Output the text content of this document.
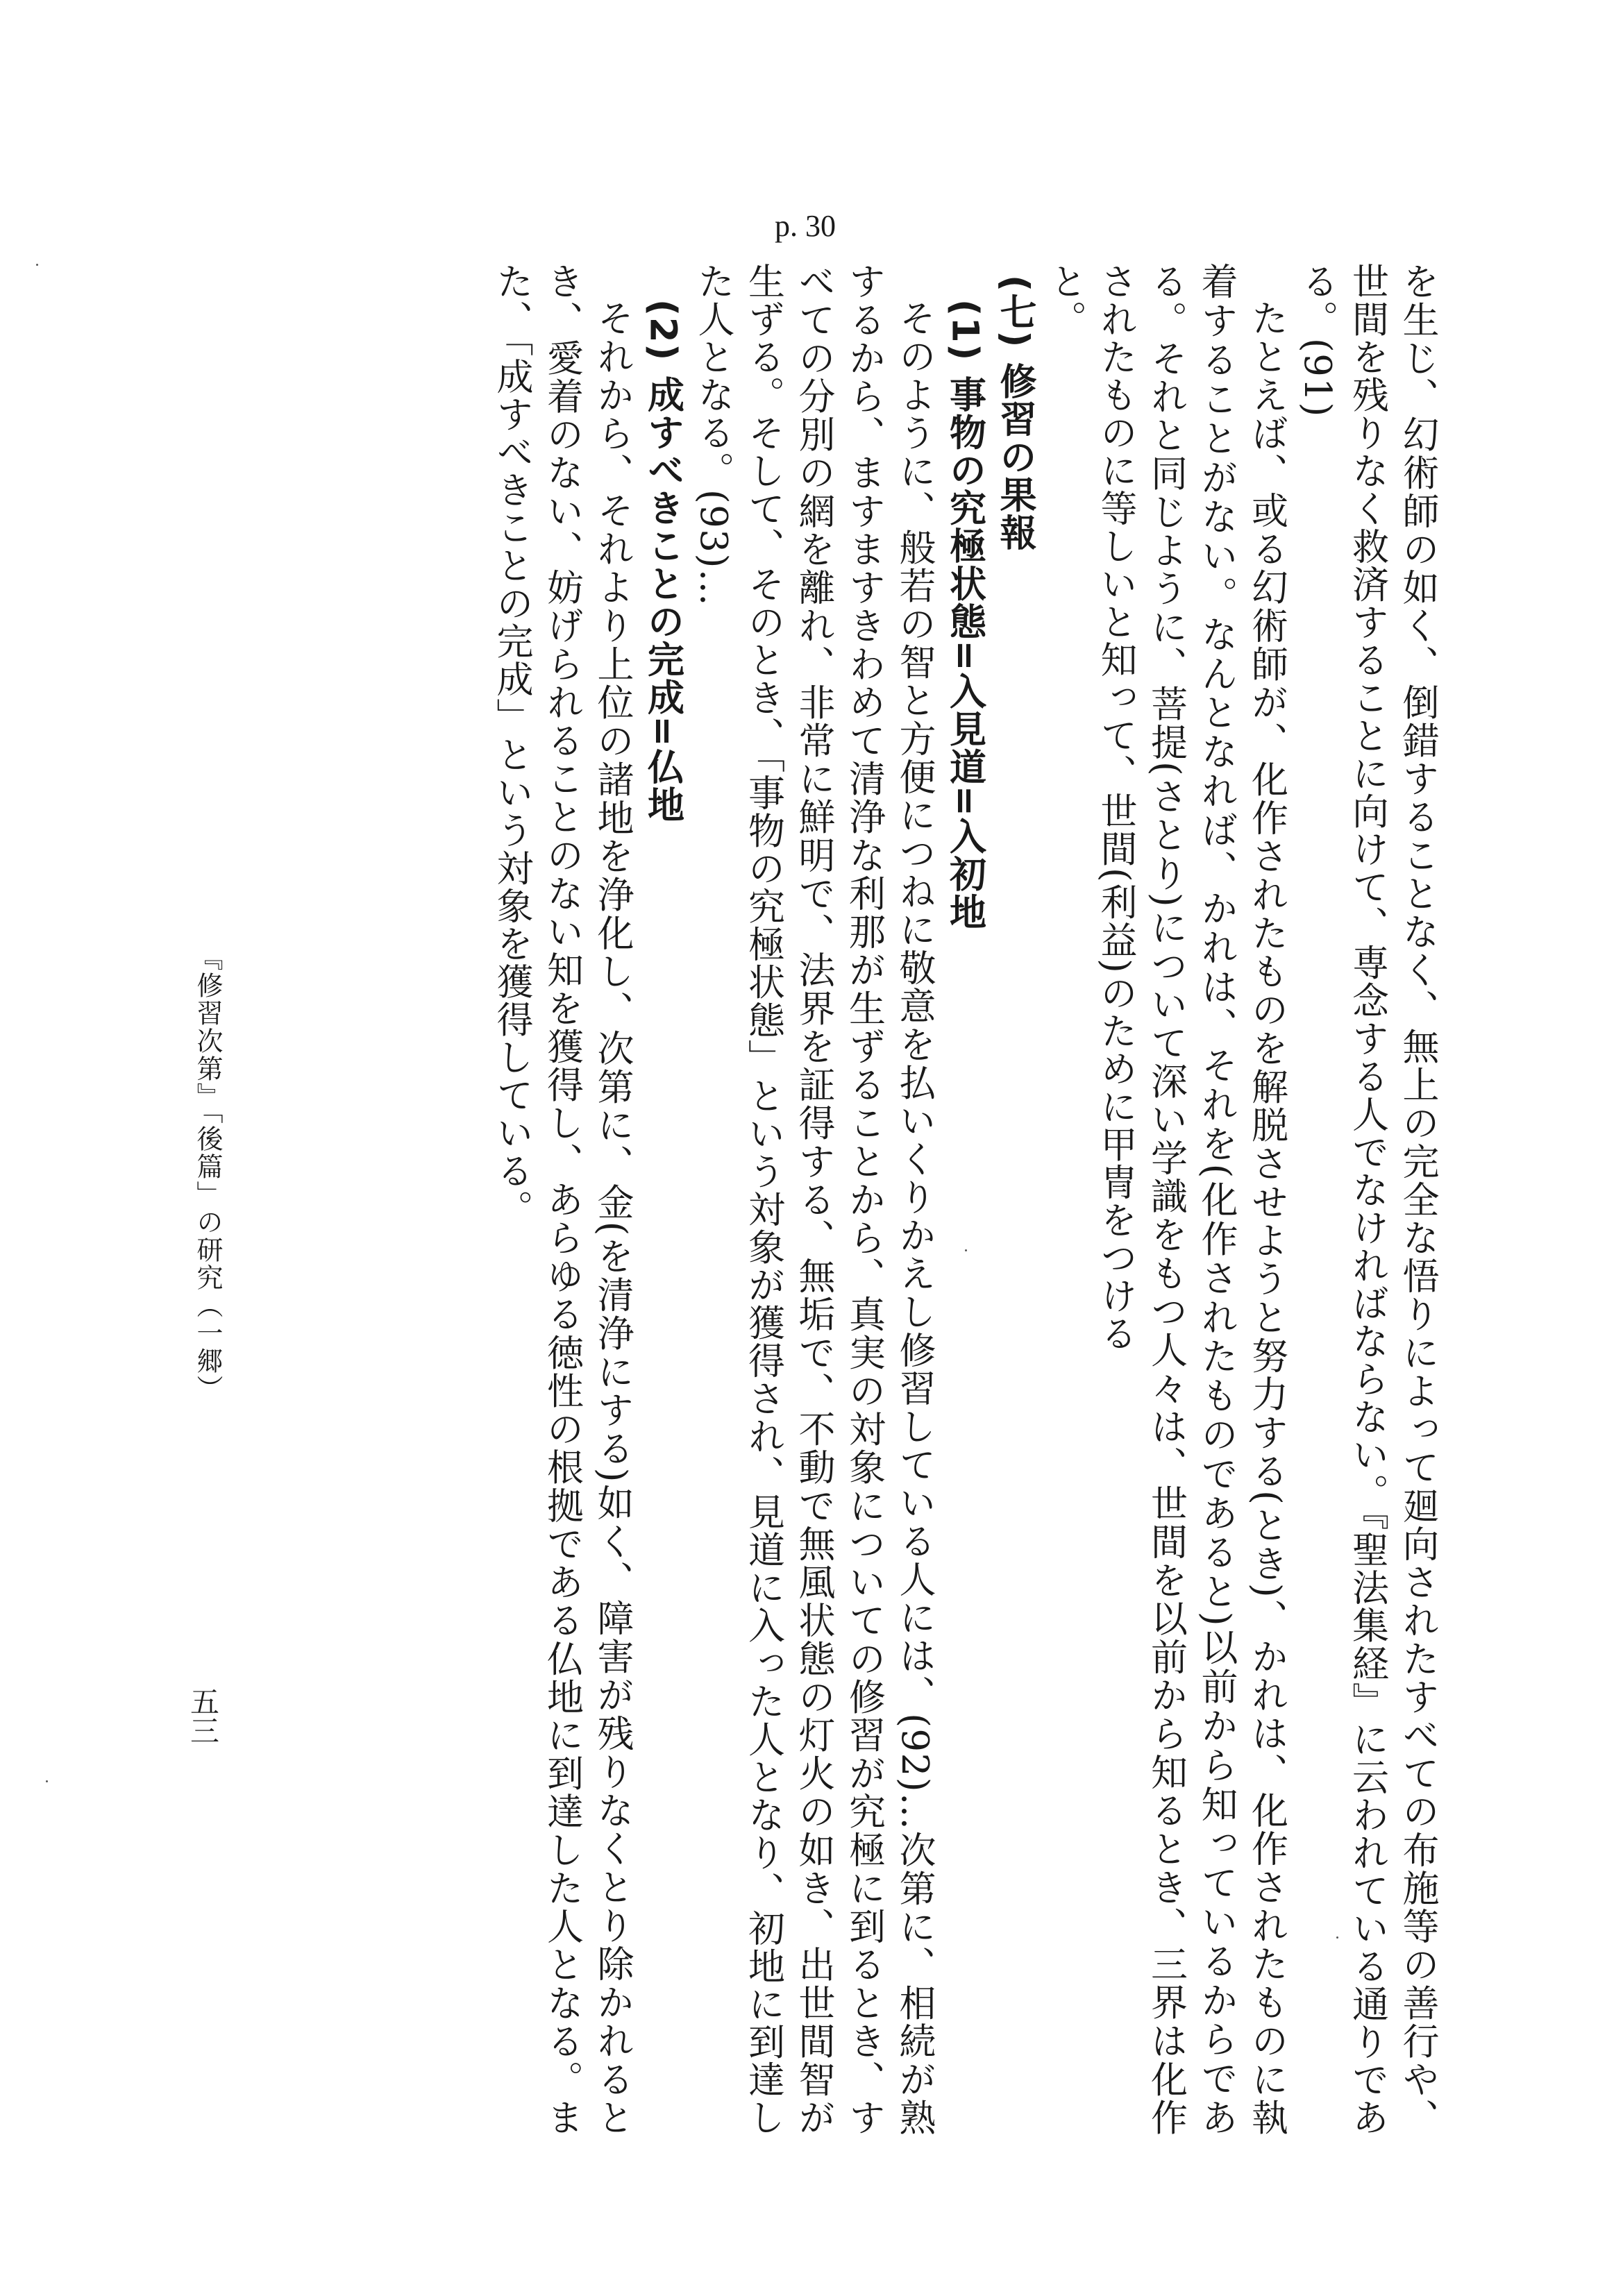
p. 30

を生じ、幻術師の如く、倒錯することなく、無上の完全な悟りによって廻向されたすべての布施等の善行や、世間を残りなく救済することに向けて、専念する人でなければならない。『聖法集経』に云われている通りである。(91)

たとえば、或る幻術師が、化作されたものを解脱させようと努力する(とき)、かれは、化作されたものに執着することがない。なんとなれば、かれは、それを(化作されたものであると)以前から知っているからである。それと同じように、菩提(さとり)について深い学識をもつ人々は、世間を以前から知るとき、三界は化作されたものに等しいと知って、世間(利益)のために甲冑をつける

と。

(七) 修習の果報

(1) 事物の究極状態=入見道=入初地

そのように、般若の智と方便につねに敬意を払いくりかえし修習している人には、(92)…次第に、相続が熟するから、ますますきわめて清浄な利那が生ずることから、真実の対象についての修習が究極に到るとき、すべての分別の網を離れ、非常に鮮明で、法界を証得する、無垢で、不動で無風状態の灯火の如き、出世間智が生ずる。そして、そのとき、「事物の究極状態」という対象が獲得され、見道に入った人となり、初地に到達した人となる。(93)…

(2) 成すべきことの完成=仏地

それから、それより上位の諸地を浄化し、次第に、金(を清浄にする)如く、障害が残りなくとり除かれるとき、愛着のない、妨げられることのない知を獲得し、あらゆる徳性の根拠である仏地に到達した人となる。また、「成すべきことの完成」という対象を獲得している。

『修習次第』「後篇」の研究（一郷）
五三
